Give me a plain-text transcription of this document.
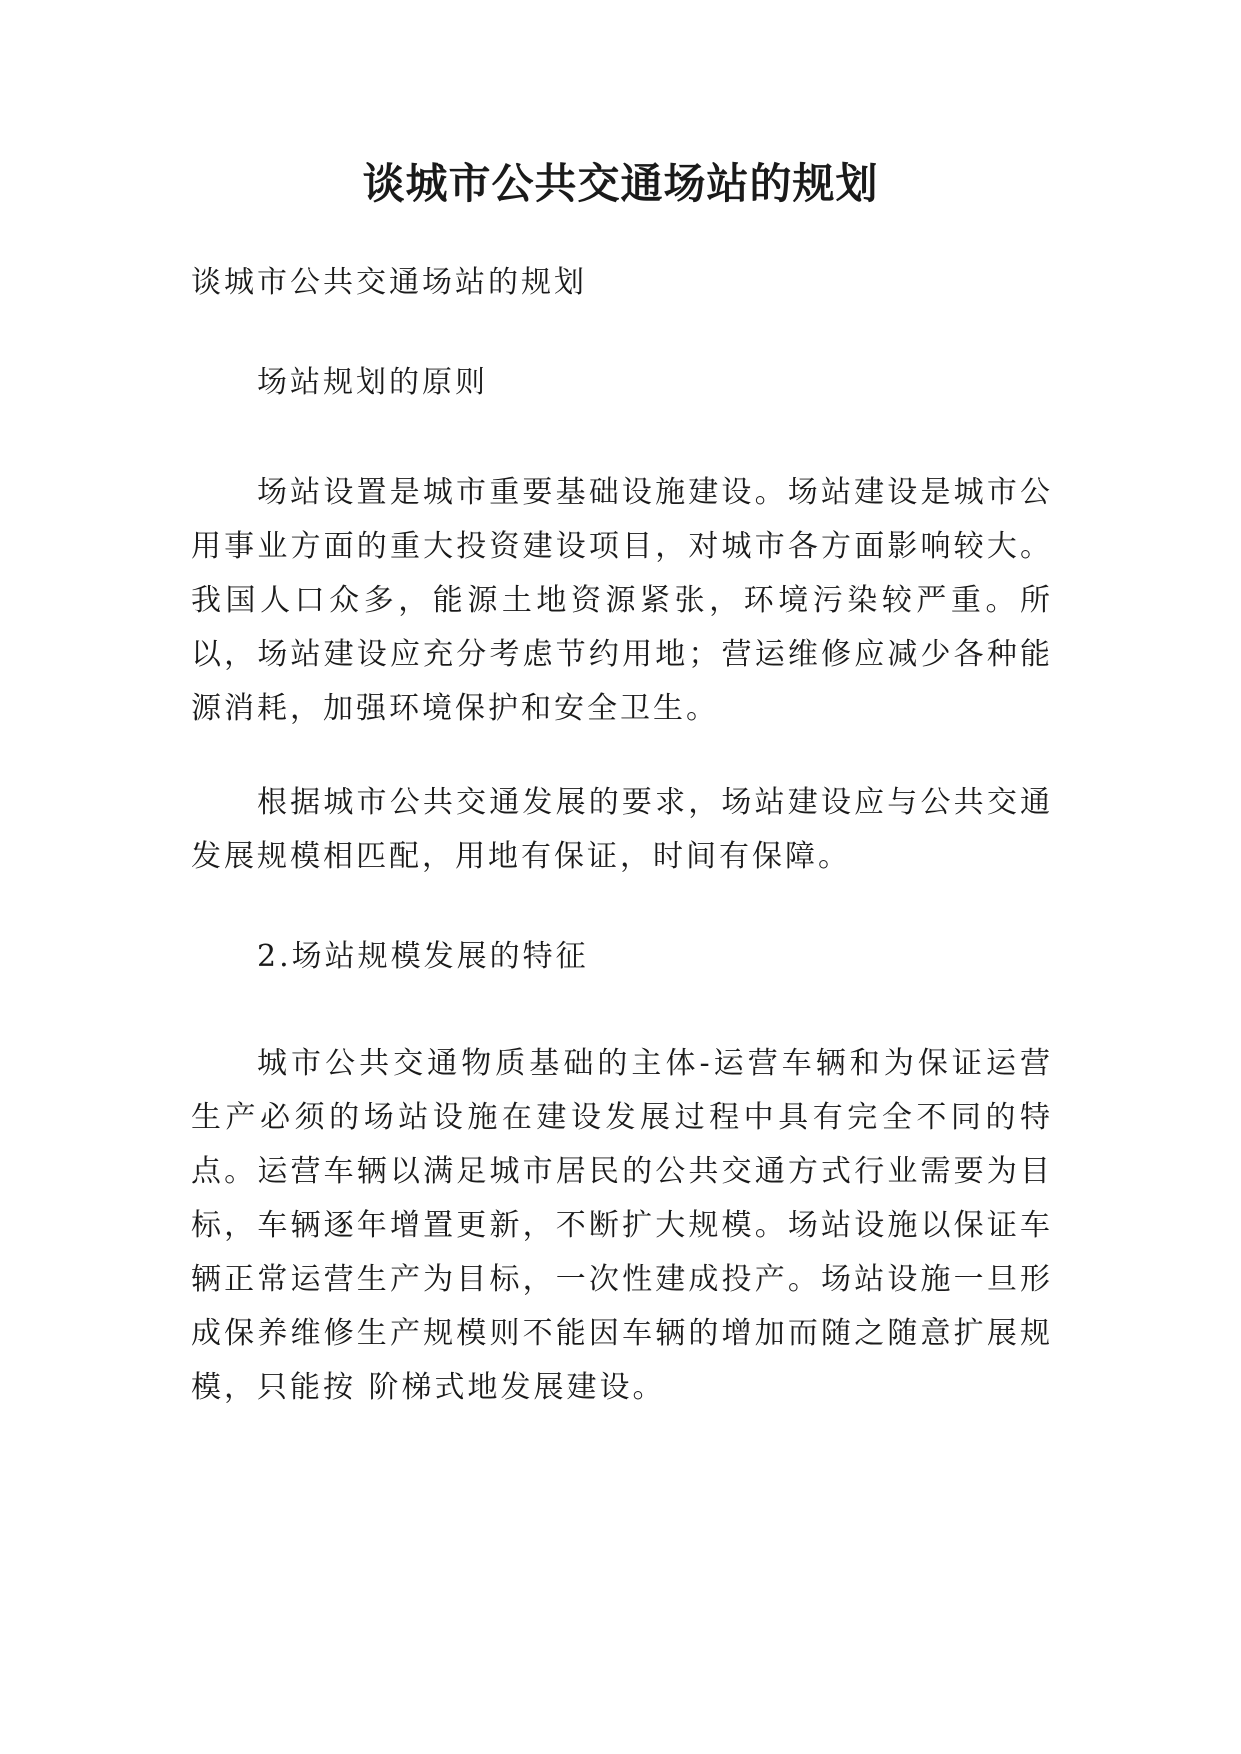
谈城市公共交通场站的规划

谈城市公共交通场站的规划

场站规划的原则

场站设置是城市重要基础设施建设。场站建设是城市公用事业方面的重大投资建设项目，对城市各方面影响较大。我国人口众多，能源土地资源紧张，环境污染较严重。所以，场站建设应充分考虑节约用地；营运维修应减少各种能源消耗，加强环境保护和安全卫生。

根据城市公共交通发展的要求，场站建设应与公共交通发展规模相匹配，用地有保证，时间有保障。

2.场站规模发展的特征

城市公共交通物质基础的主体-运营车辆和为保证运营生产必须的场站设施在建设发展过程中具有完全不同的特点。运营车辆以满足城市居民的公共交通方式行业需要为目标，车辆逐年增置更新，不断扩大规模。场站设施以保证车辆正常运营生产为目标，一次性建成投产。场站设施一旦形成保养维修生产规模则不能因车辆的增加而随之随意扩展规模，只能按 阶梯式地发展建设。
